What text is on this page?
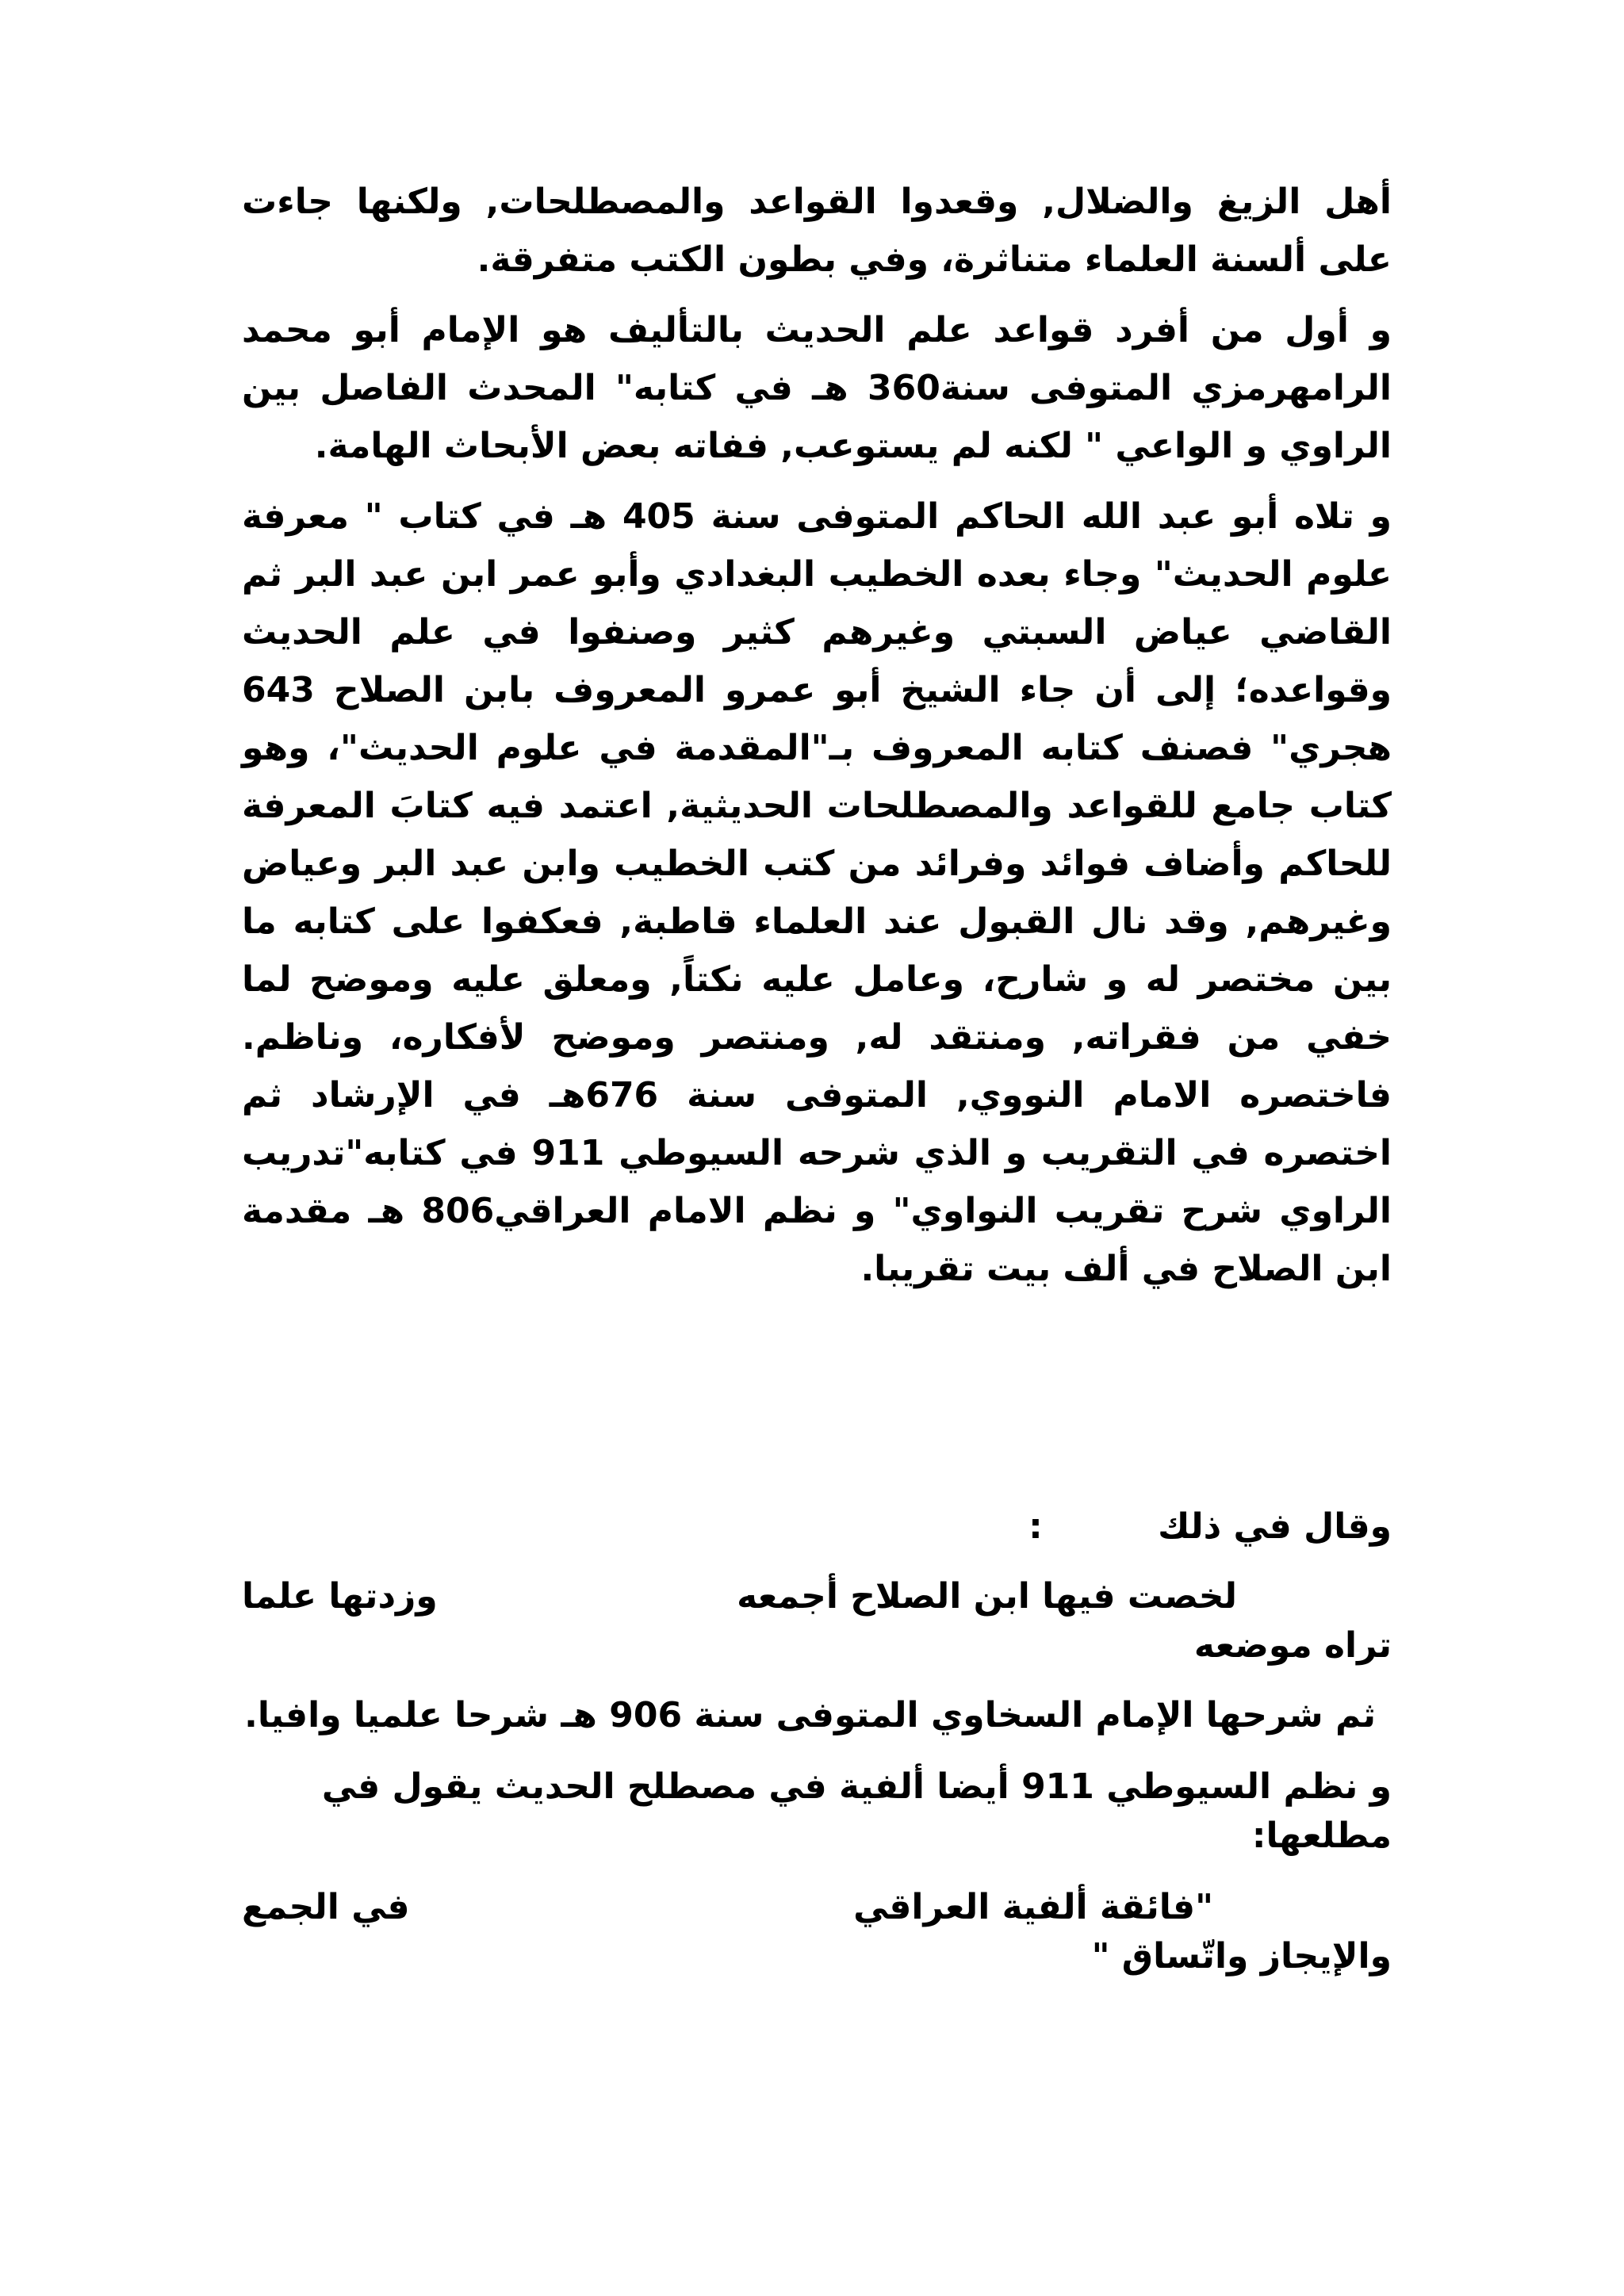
أهل الزيغ والضلال, وقعدوا القواعد والمصطلحات, ولكنها جاءت على ألسنة العلماء متناثرة، وفي بطون الكتب متفرقة.

و أول من أفرد قواعد علم الحديث بالتأليف هو الإمام أبو محمد الرامهرمزي المتوفى سنة360 هـ في كتابه" المحدث الفاصل بين الراوي و الواعي " لكنه لم يستوعب, ففاته بعض الأبحاث الهامة.

و تلاه أبو عبد الله الحاكم المتوفى سنة 405 هـ في كتاب " معرفة علوم الحديث" وجاء بعده الخطيب البغدادي وأبو عمر ابن عبد البر ثم القاضي عياض السبتي وغيرهم كثير وصنفوا في علم الحديث وقواعده؛ إلى أن جاء الشيخ أبو عمرو المعروف بابن الصلاح 643 هجري" فصنف كتابه المعروف بـ"المقدمة في علوم الحديث"، وهو كتاب جامع للقواعد والمصطلحات الحديثية, اعتمد فيه كتابَ المعرفة للحاكم وأضاف فوائد وفرائد من كتب الخطيب وابن عبد البر وعياض وغيرهم, وقد نال القبول عند العلماء قاطبة, فعكفوا على كتابه ما بين مختصر له و شارح، وعامل عليه نكتاً, ومعلق عليه وموضح لما خفي من فقراته, ومنتقد له, ومنتصر وموضح لأفكاره، وناظم. فاختصره الامام النووي, المتوفى سنة 676هـ في الإرشاد ثم اختصره في التقريب و الذي شرحه السيوطي 911 في كتابه"تدريب الراوي شرح تقريب النواوي" و نظم الامام العراقي806 هـ مقدمة ابن الصلاح في ألف بيت تقريبا.

وقال في ذلك :

لخصت فيها ابن الصلاح أجمعه
وزدتها علما

تراه موضعه

ثم شرحها الإمام السخاوي المتوفى سنة 906 هـ شرحا علميا وافيا.

و نظم السيوطي 911 أيضا ألفية في مصطلح الحديث يقول في مطلعها:

"فائقة ألفية العراقي
في الجمع

والإيجاز واتّساق "
